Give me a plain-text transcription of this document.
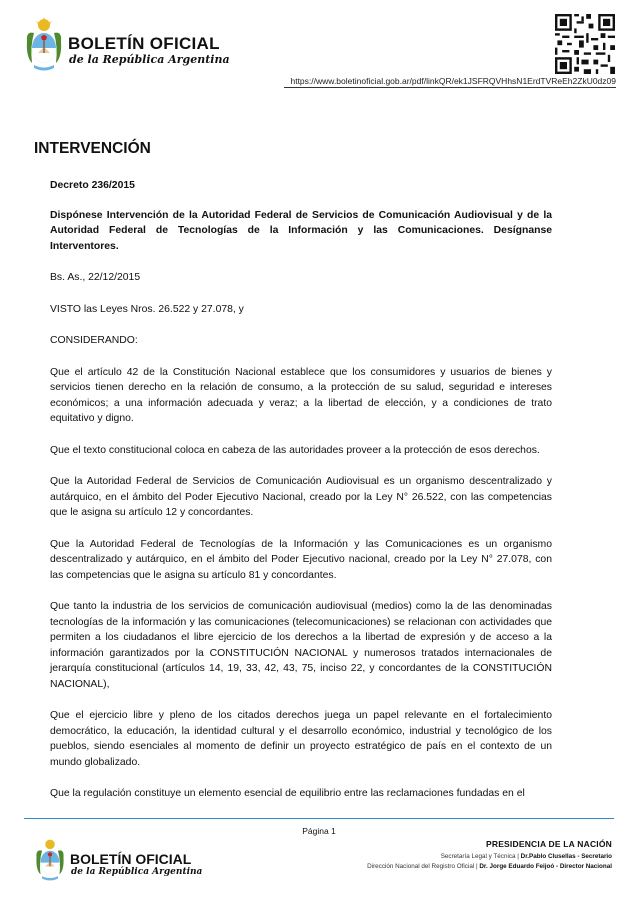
BOLETÍN OFICIAL
de la República Argentina
https://www.boletinoficial.gob.ar/pdf/linkQR/ek1JSFRQVHhsN1ErdTVReEh2ZkU0dz09
INTERVENCIÓN

Decreto 236/2015

Dispónese Intervención de la Autoridad Federal de Servicios de Comunicación Audiovisual y de la Autoridad Federal de Tecnologías de la Información y las Comunicaciones. Desígnanse Interventores.

Bs. As., 22/12/2015

VISTO las Leyes Nros. 26.522 y 27.078, y

CONSIDERANDO:

Que el artículo 42 de la Constitución Nacional establece que los consumidores y usuarios de bienes y servicios tienen derecho en la relación de consumo, a la protección de su salud, seguridad e intereses económicos; a una información adecuada y veraz; a la libertad de elección, y a condiciones de trato equitativo y digno.

Que el texto constitucional coloca en cabeza de las autoridades proveer a la protección de esos derechos.

Que la Autoridad Federal de Servicios de Comunicación Audiovisual es un organismo descentralizado y autárquico, en el ámbito del Poder Ejecutivo Nacional, creado por la Ley N° 26.522, con las competencias que le asigna su artículo 12 y concordantes.

Que la Autoridad Federal de Tecnologías de la Información y las Comunicaciones es un organismo descentralizado y autárquico, en el ámbito del Poder Ejecutivo nacional, creado por la Ley N° 27.078, con las competencias que le asigna su artículo 81 y concordantes.

Que tanto la industria de los servicios de comunicación audiovisual (medios) como la de las denominadas tecnologías de la información y las comunicaciones (telecomunicaciones) se relacionan con actividades que permiten a los ciudadanos el libre ejercicio de los derechos a la libertad de expresión y de acceso a la información garantizados por la CONSTITUCIÓN NACIONAL y numerosos tratados internacionales de jerarquía constitucional (artículos 14, 19, 33, 42, 43, 75, inciso 22, y concordantes de la CONSTITUCIÓN NACIONAL),

Que el ejercicio libre y pleno de los citados derechos juega un papel relevante en el fortalecimiento democrático, la educación, la identidad cultural y el desarrollo económico, industrial y tecnológico de los pueblos, siendo esenciales al momento de definir un proyecto estratégico de país en el contexto de un mundo globalizado.

Que la regulación constituye un elemento esencial de equilibrio entre las reclamaciones fundadas en el

Página 1
BOLETÍN OFICIAL
de la República Argentina
PRESIDENCIA DE LA NACIÓN
Secretaría Legal y Técnica | Dr.Pablo Clusellas - Secretario
Dirección Nacional del Registro Oficial | Dr. Jorge Eduardo Feijoó - Director Nacional
